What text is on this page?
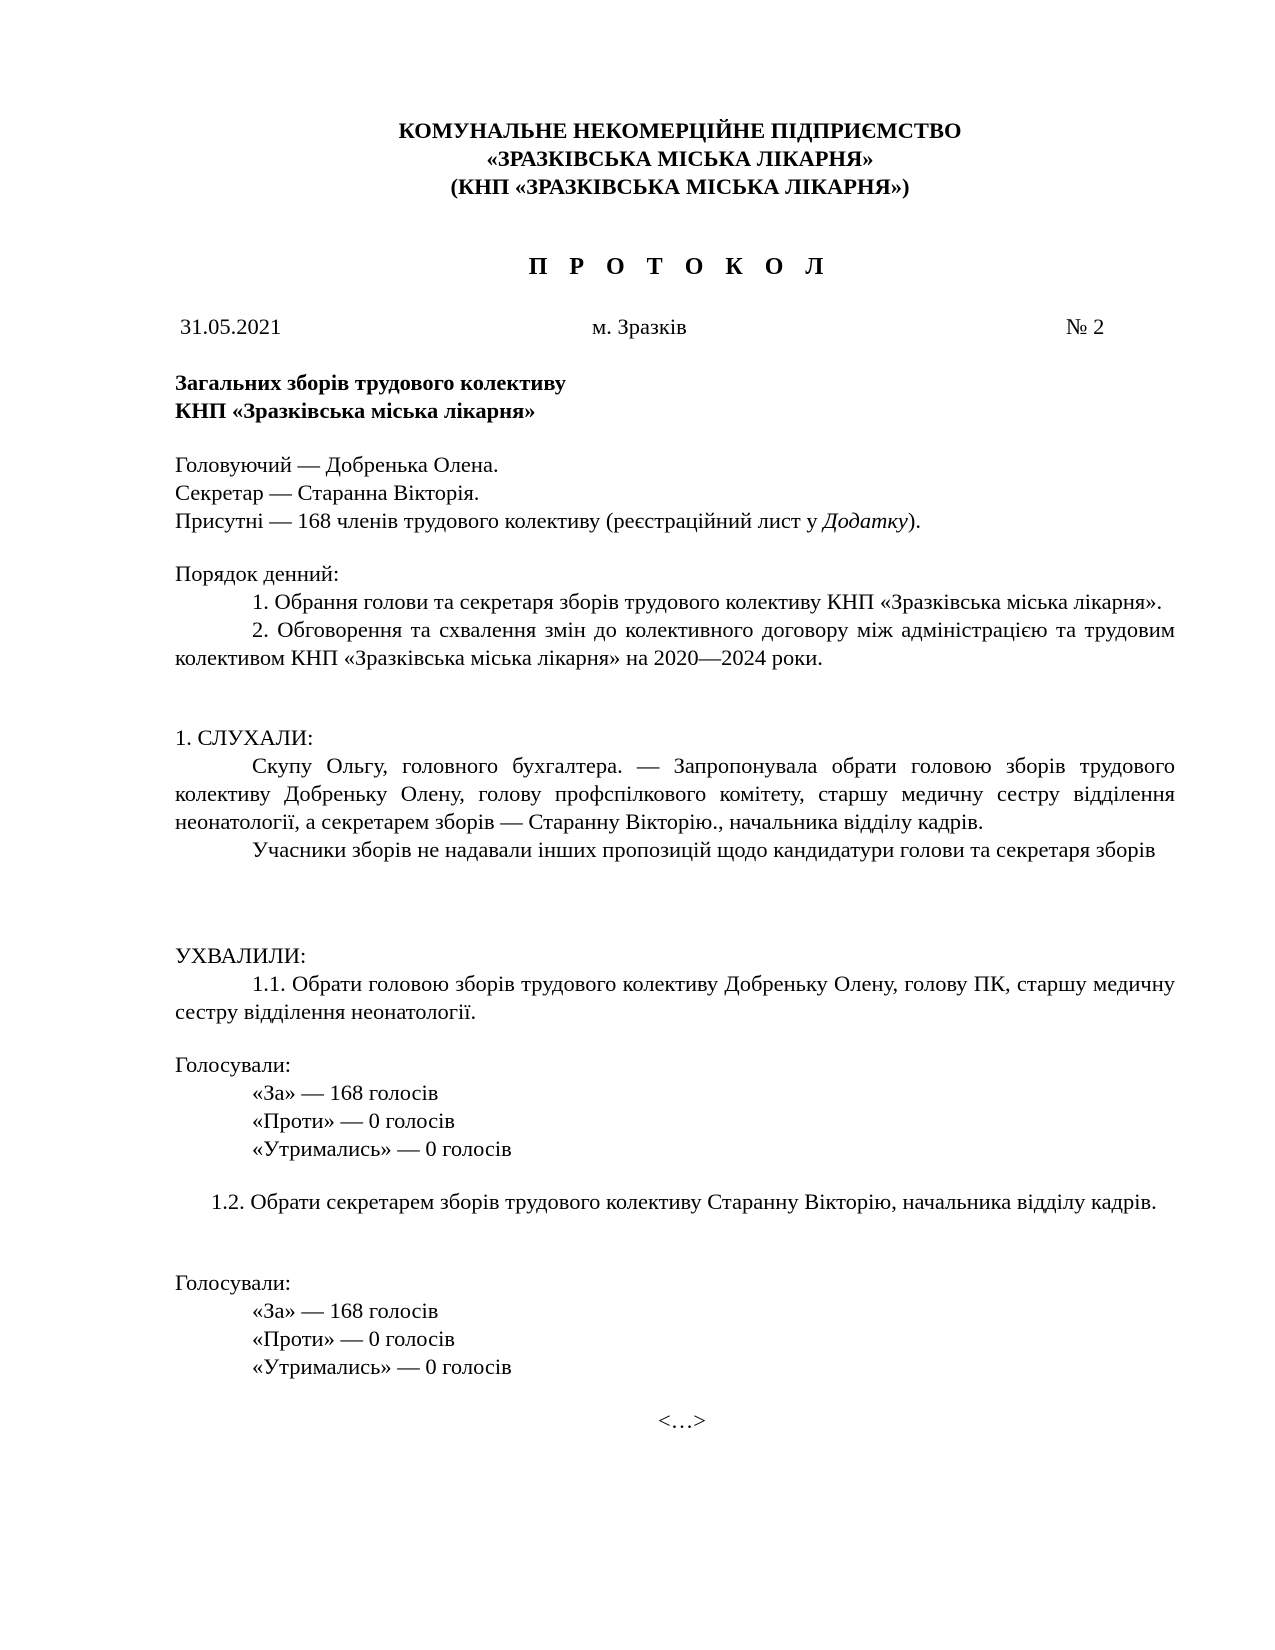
КОМУНАЛЬНЕ НЕКОМЕРЦІЙНЕ ПІДПРИЄМСТВО
«ЗРАЗКІВСЬКА МІСЬКА ЛІКАРНЯ»
(КНП «ЗРАЗКІВСЬКА МІСЬКА ЛІКАРНЯ»)
П Р О Т О К О Л
31.05.2021	м. Зразків	№ 2
Загальних зборів трудового колективу
КНП «Зразківська міська лікарня»
Головуючий — Добренька Олена.
Секретар — Старанна Вікторія.
Присутні — 168 членів трудового колективу (реєстраційний лист у Додатку).
Порядок денний:
1. Обрання голови та секретаря зборів трудового колективу КНП «Зразківська міська лікарня».
2. Обговорення та схвалення змін до колективного договору між адміністрацією та трудовим колективом КНП «Зразківська міська лікарня» на 2020—2024 роки.
1. СЛУХАЛИ:
Скупу Ольгу, головного бухгалтера. — Запропонувала обрати головою зборів трудового колективу Добреньку Олену, голову профспілкового комітету, старшу медичну сестру відділення неонатології, а секретарем зборів — Старанну Вікторію., начальника відділу кадрів.
Учасники зборів не надавали інших пропозицій щодо кандидатури голови та секретаря зборів
УХВАЛИЛИ:
1.1. Обрати головою зборів трудового колективу Добреньку Олену, голову ПК, старшу медичну сестру відділення неонатології.
Голосували:
«За» — 168 голосів
«Проти» — 0 голосів
«Утримались» — 0 голосів
1.2. Обрати секретарем зборів трудового колективу Старанну Вікторію, начальника відділу кадрів.
Голосували:
«За» — 168 голосів
«Проти» — 0 голосів
«Утримались» — 0 голосів
<…>
